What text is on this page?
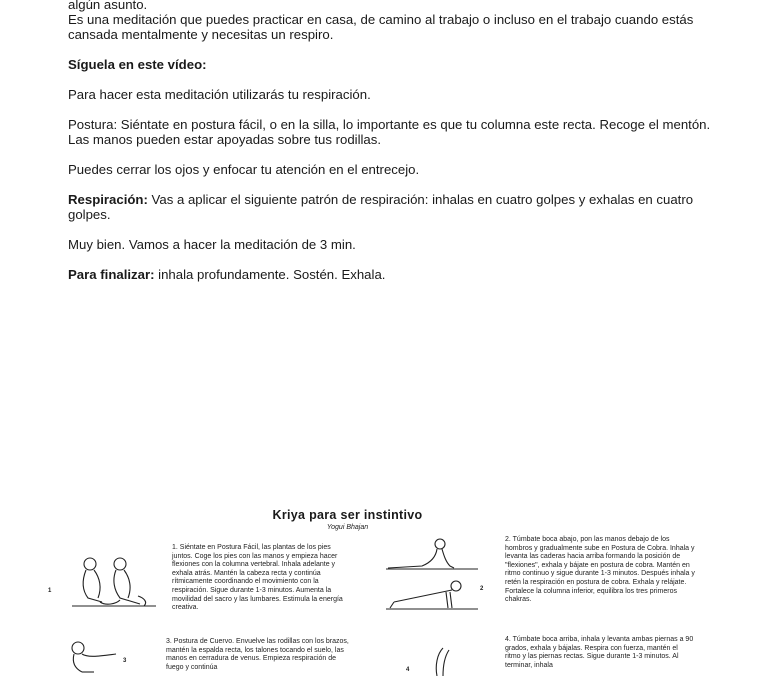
algún asunto.

Es una meditación que puedes practicar en casa, de camino al trabajo o incluso en el trabajo cuando estás cansada mentalmente y necesitas un respiro.

Síguela en este vídeo:

Para hacer esta meditación utilizarás tu respiración.

Postura: Siéntate en postura fácil, o en la silla, lo importante es que tu columna este recta. Recoge el mentón. Las manos pueden estar apoyadas sobre tus rodillas.

Puedes cerrar los ojos y enfocar tu atención en el entrecejo.

Respiración: Vas a aplicar el siguiente patrón de respiración: inhalas en cuatro golpes y exhalas en cuatro golpes.

Muy bien. Vamos a hacer la meditación de 3 min.

Para finalizar: inhala profundamente. Sostén. Exhala.

Kriya para ser instintivo
Yogui Bhajan
1
1. Siéntate en Postura Fácil, las plantas de los pies juntos. Coge los pies con las manos y empieza hacer flexiones con la columna vertebral. Inhala adelante y exhala atrás. Mantén la cabeza recta y continúa rítmicamente coordinando el movimiento con la respiración. Sigue durante 1-3 minutos. Aumenta la movilidad del sacro y las lumbares. Estimula la energía creativa.
2
2. Túmbate boca abajo, pon las manos debajo de los hombros y gradualmente sube en Postura de Cobra. Inhala y levanta las caderas hacia arriba formando la posición de "flexiones", exhala y bájate en postura de cobra. Mantén en ritmo continuo y sigue durante 1-3 minutos. Después inhala y retén la respiración en postura de cobra. Exhala y relájate. Fortalece la columna inferior, equilibra los tres primeros chakras.
3
3. Postura de Cuervo. Envuelve las rodillas con los brazos, mantén la espalda recta, los talones tocando el suelo, las manos en cerradura de venus. Empieza respiración de fuego y continúa	4
4. Túmbate boca arriba, inhala y levanta ambas piernas a 90 grados, exhala y bájalas. Respira con fuerza, mantén el ritmo y las piernas rectas. Sigue durante 1-3 minutos. Al terminar, inhala
